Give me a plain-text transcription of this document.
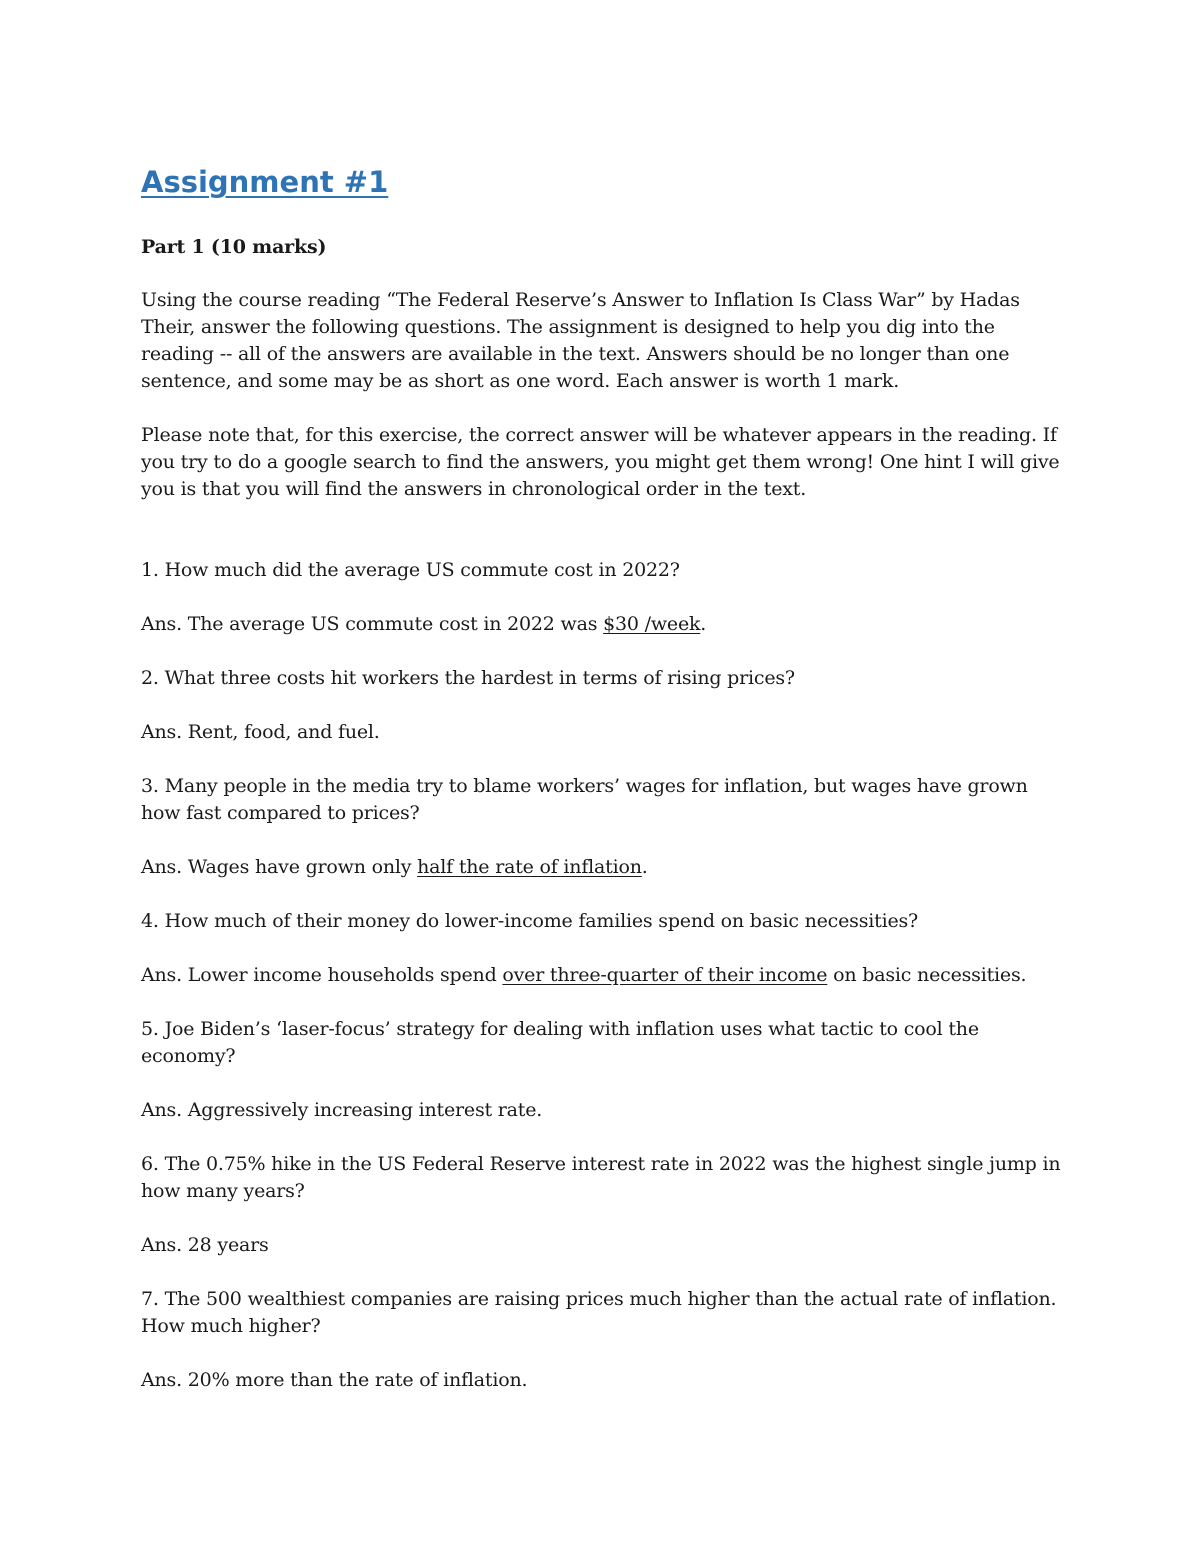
Assignment #1

Part 1 (10 marks)

Using the course reading “The Federal Reserve’s Answer to Inflation Is Class War” by Hadas Their, answer the following questions. The assignment is designed to help you dig into the reading -- all of the answers are available in the text. Answers should be no longer than one sentence, and some may be as short as one word. Each answer is worth 1 mark.

Please note that, for this exercise, the correct answer will be whatever appears in the reading. If you try to do a google search to find the answers, you might get them wrong! One hint I will give you is that you will find the answers in chronological order in the text.

1. How much did the average US commute cost in 2022?

Ans. The average US commute cost in 2022 was $30 /week.

2. What three costs hit workers the hardest in terms of rising prices?

Ans. Rent, food, and fuel.

3. Many people in the media try to blame workers’ wages for inflation, but wages have grown how fast compared to prices?

Ans. Wages have grown only half the rate of inflation.

4. How much of their money do lower-income families spend on basic necessities?

Ans. Lower income households spend over three-quarter of their income on basic necessities.

5. Joe Biden’s ‘laser-focus’ strategy for dealing with inflation uses what tactic to cool the economy?

Ans. Aggressively increasing interest rate.

6. The 0.75% hike in the US Federal Reserve interest rate in 2022 was the highest single jump in how many years?

Ans. 28 years

7. The 500 wealthiest companies are raising prices much higher than the actual rate of inflation. How much higher?

Ans. 20% more than the rate of inflation.
